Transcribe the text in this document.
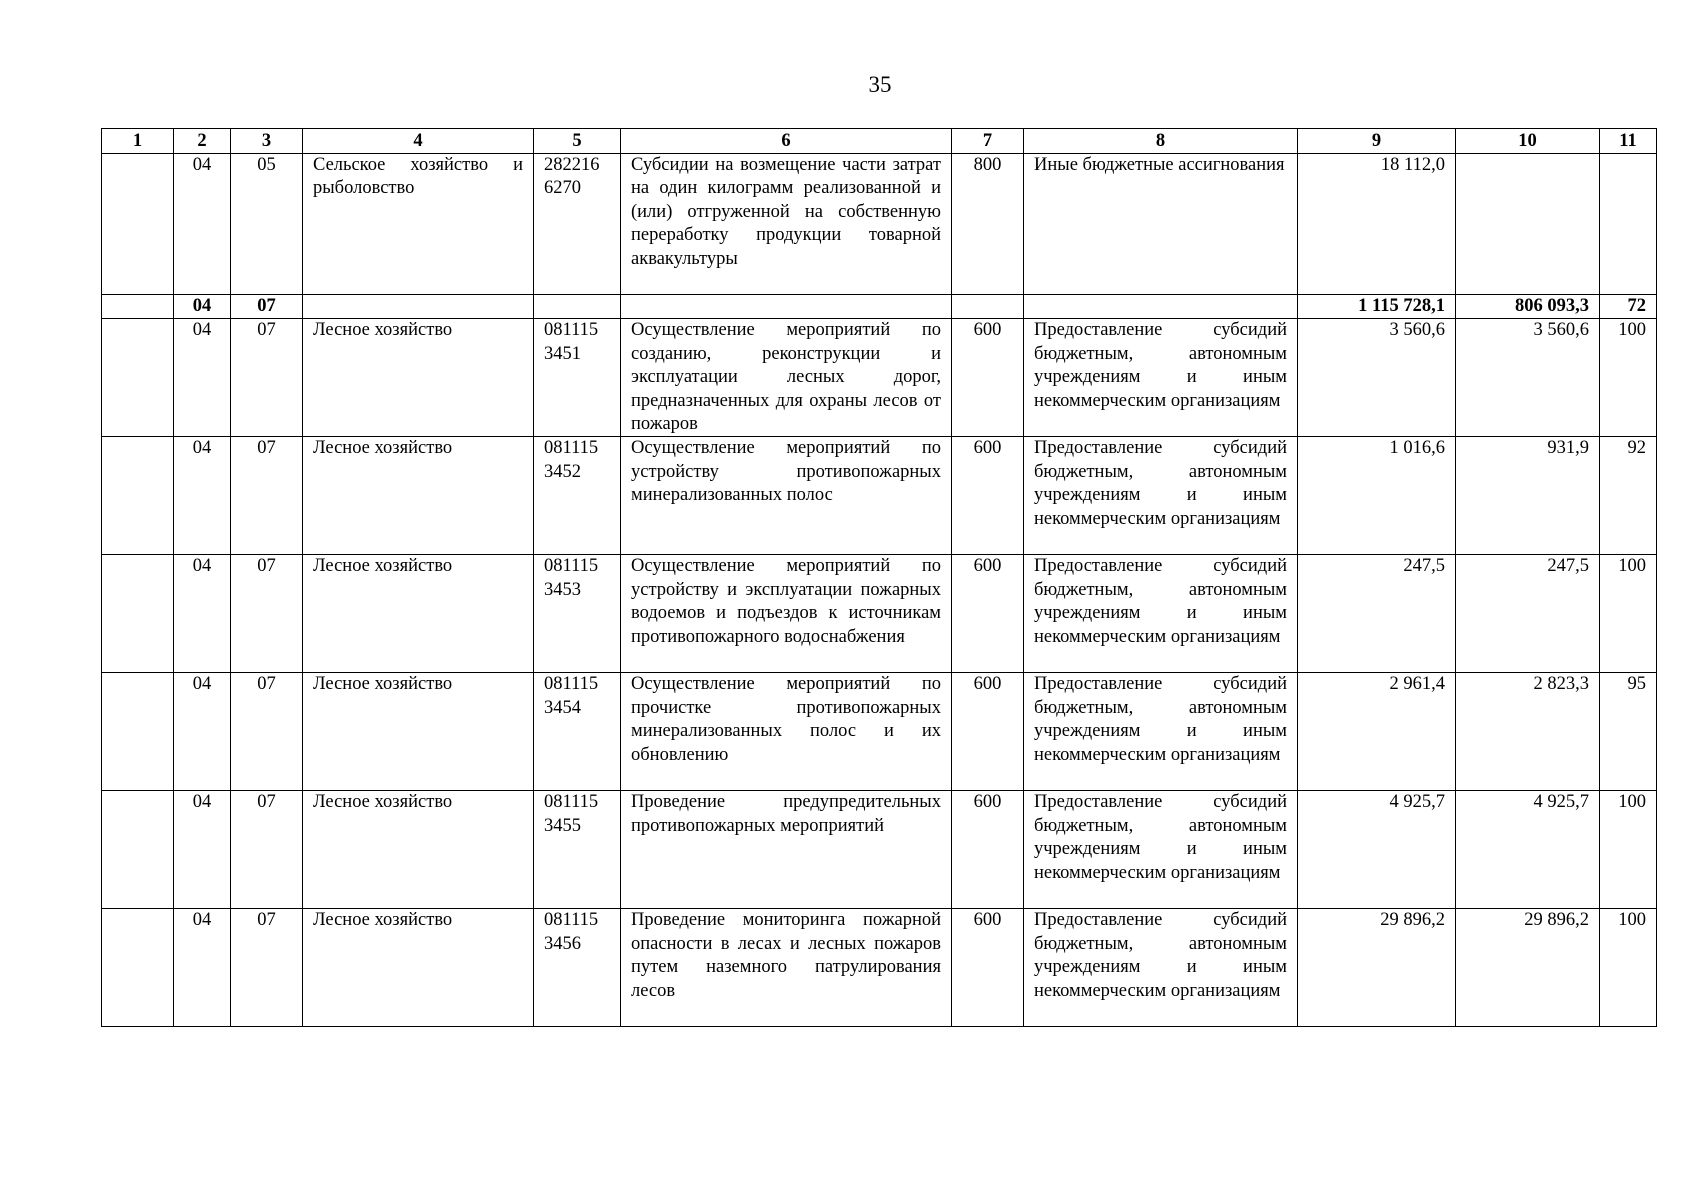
35
1	2	3	4	5	6	7	8	9	10	11
	04	05	Сельское хозяйство и рыболовство	282216 6270	Субсидии на возмещение части затрат на один килограмм реализованной и (или) отгруженной на собственную переработку продукции товарной аквакультуры	800	Иные бюджетные ассигнования	18 112,0		
	04	07						1 115 728,1	806 093,3	72
	04	07	Лесное хозяйство	081115 3451	Осуществление мероприятий по созданию, реконструкции и эксплуатации лесных дорог, предназначенных для охраны лесов от пожаров	600	Предоставление субсидий бюджетным, автономным учреждениям и иным некоммерческим организациям	3 560,6	3 560,6	100
	04	07	Лесное хозяйство	081115 3452	Осуществление мероприятий по устройству противопожарных минерализованных полос	600	Предоставление субсидий бюджетным, автономным учреждениям и иным некоммерческим организациям	1 016,6	931,9	92
	04	07	Лесное хозяйство	081115 3453	Осуществление мероприятий по устройству и эксплуатации пожарных водоемов и подъездов к источникам противопожарного водоснабжения	600	Предоставление субсидий бюджетным, автономным учреждениям и иным некоммерческим организациям	247,5	247,5	100
	04	07	Лесное хозяйство	081115 3454	Осуществление мероприятий по прочистке противопожарных минерализованных полос и их обновлению	600	Предоставление субсидий бюджетным, автономным учреждениям и иным некоммерческим организациям	2 961,4	2 823,3	95
	04	07	Лесное хозяйство	081115 3455	Проведение предупредительных противопожарных мероприятий	600	Предоставление субсидий бюджетным, автономным учреждениям и иным некоммерческим организациям	4 925,7	4 925,7	100
	04	07	Лесное хозяйство	081115 3456	Проведение мониторинга пожарной опасности в лесах и лесных пожаров путем наземного патрулирования лесов	600	Предоставление субсидий бюджетным, автономным учреждениям и иным некоммерческим организациям	29 896,2	29 896,2	100
